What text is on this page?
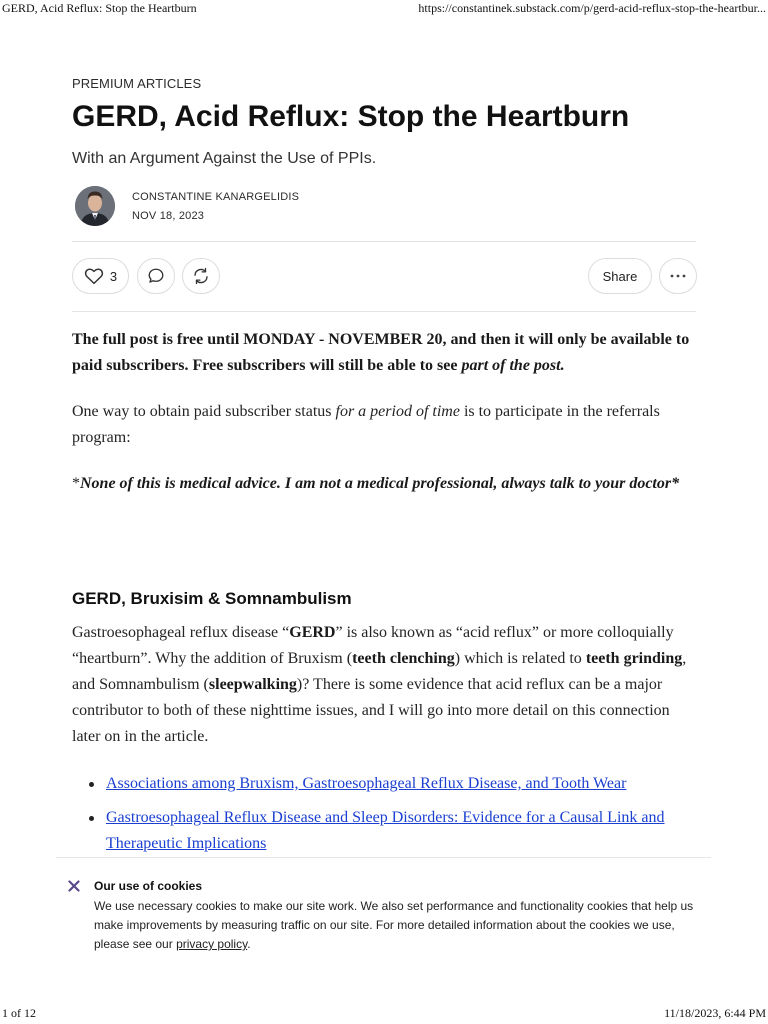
GERD, Acid Reflux: Stop the Heartburn	https://constantinek.substack.com/p/gerd-acid-reflux-stop-the-heartbur...
PREMIUM ARTICLES
GERD, Acid Reflux: Stop the Heartburn
With an Argument Against the Use of PPIs.
CONSTANTINE KANARGELIDIS
NOV 18, 2023
3	Share
The full post is free until MONDAY - NOVEMBER 20, and then it will only be available to paid subscribers. Free subscribers will still be able to see part of the post.
One way to obtain paid subscriber status for a period of time is to participate in the referrals program:
*None of this is medical advice. I am not a medical professional, always talk to your doctor*
GERD, Bruxisim & Somnambulism
Gastroesophageal reflux disease “GERD” is also known as “acid reflux” or more colloquially “heartburn”. Why the addition of Bruxism (teeth clenching) which is related to teeth grinding, and Somnambulism (sleepwalking)? There is some evidence that acid reflux can be a major contributor to both of these nighttime issues, and I will go into more detail on this connection later on in the article.
Associations among Bruxism, Gastroesophageal Reflux Disease, and Tooth Wear
Gastroesophageal Reflux Disease and Sleep Disorders: Evidence for a Causal Link and Therapeutic Implications
Our use of cookies
We use necessary cookies to make our site work. We also set performance and functionality cookies that help us make improvements by measuring traffic on our site. For more detailed information about the cookies we use, please see our privacy policy.
1 of 12	11/18/2023, 6:44 PM
